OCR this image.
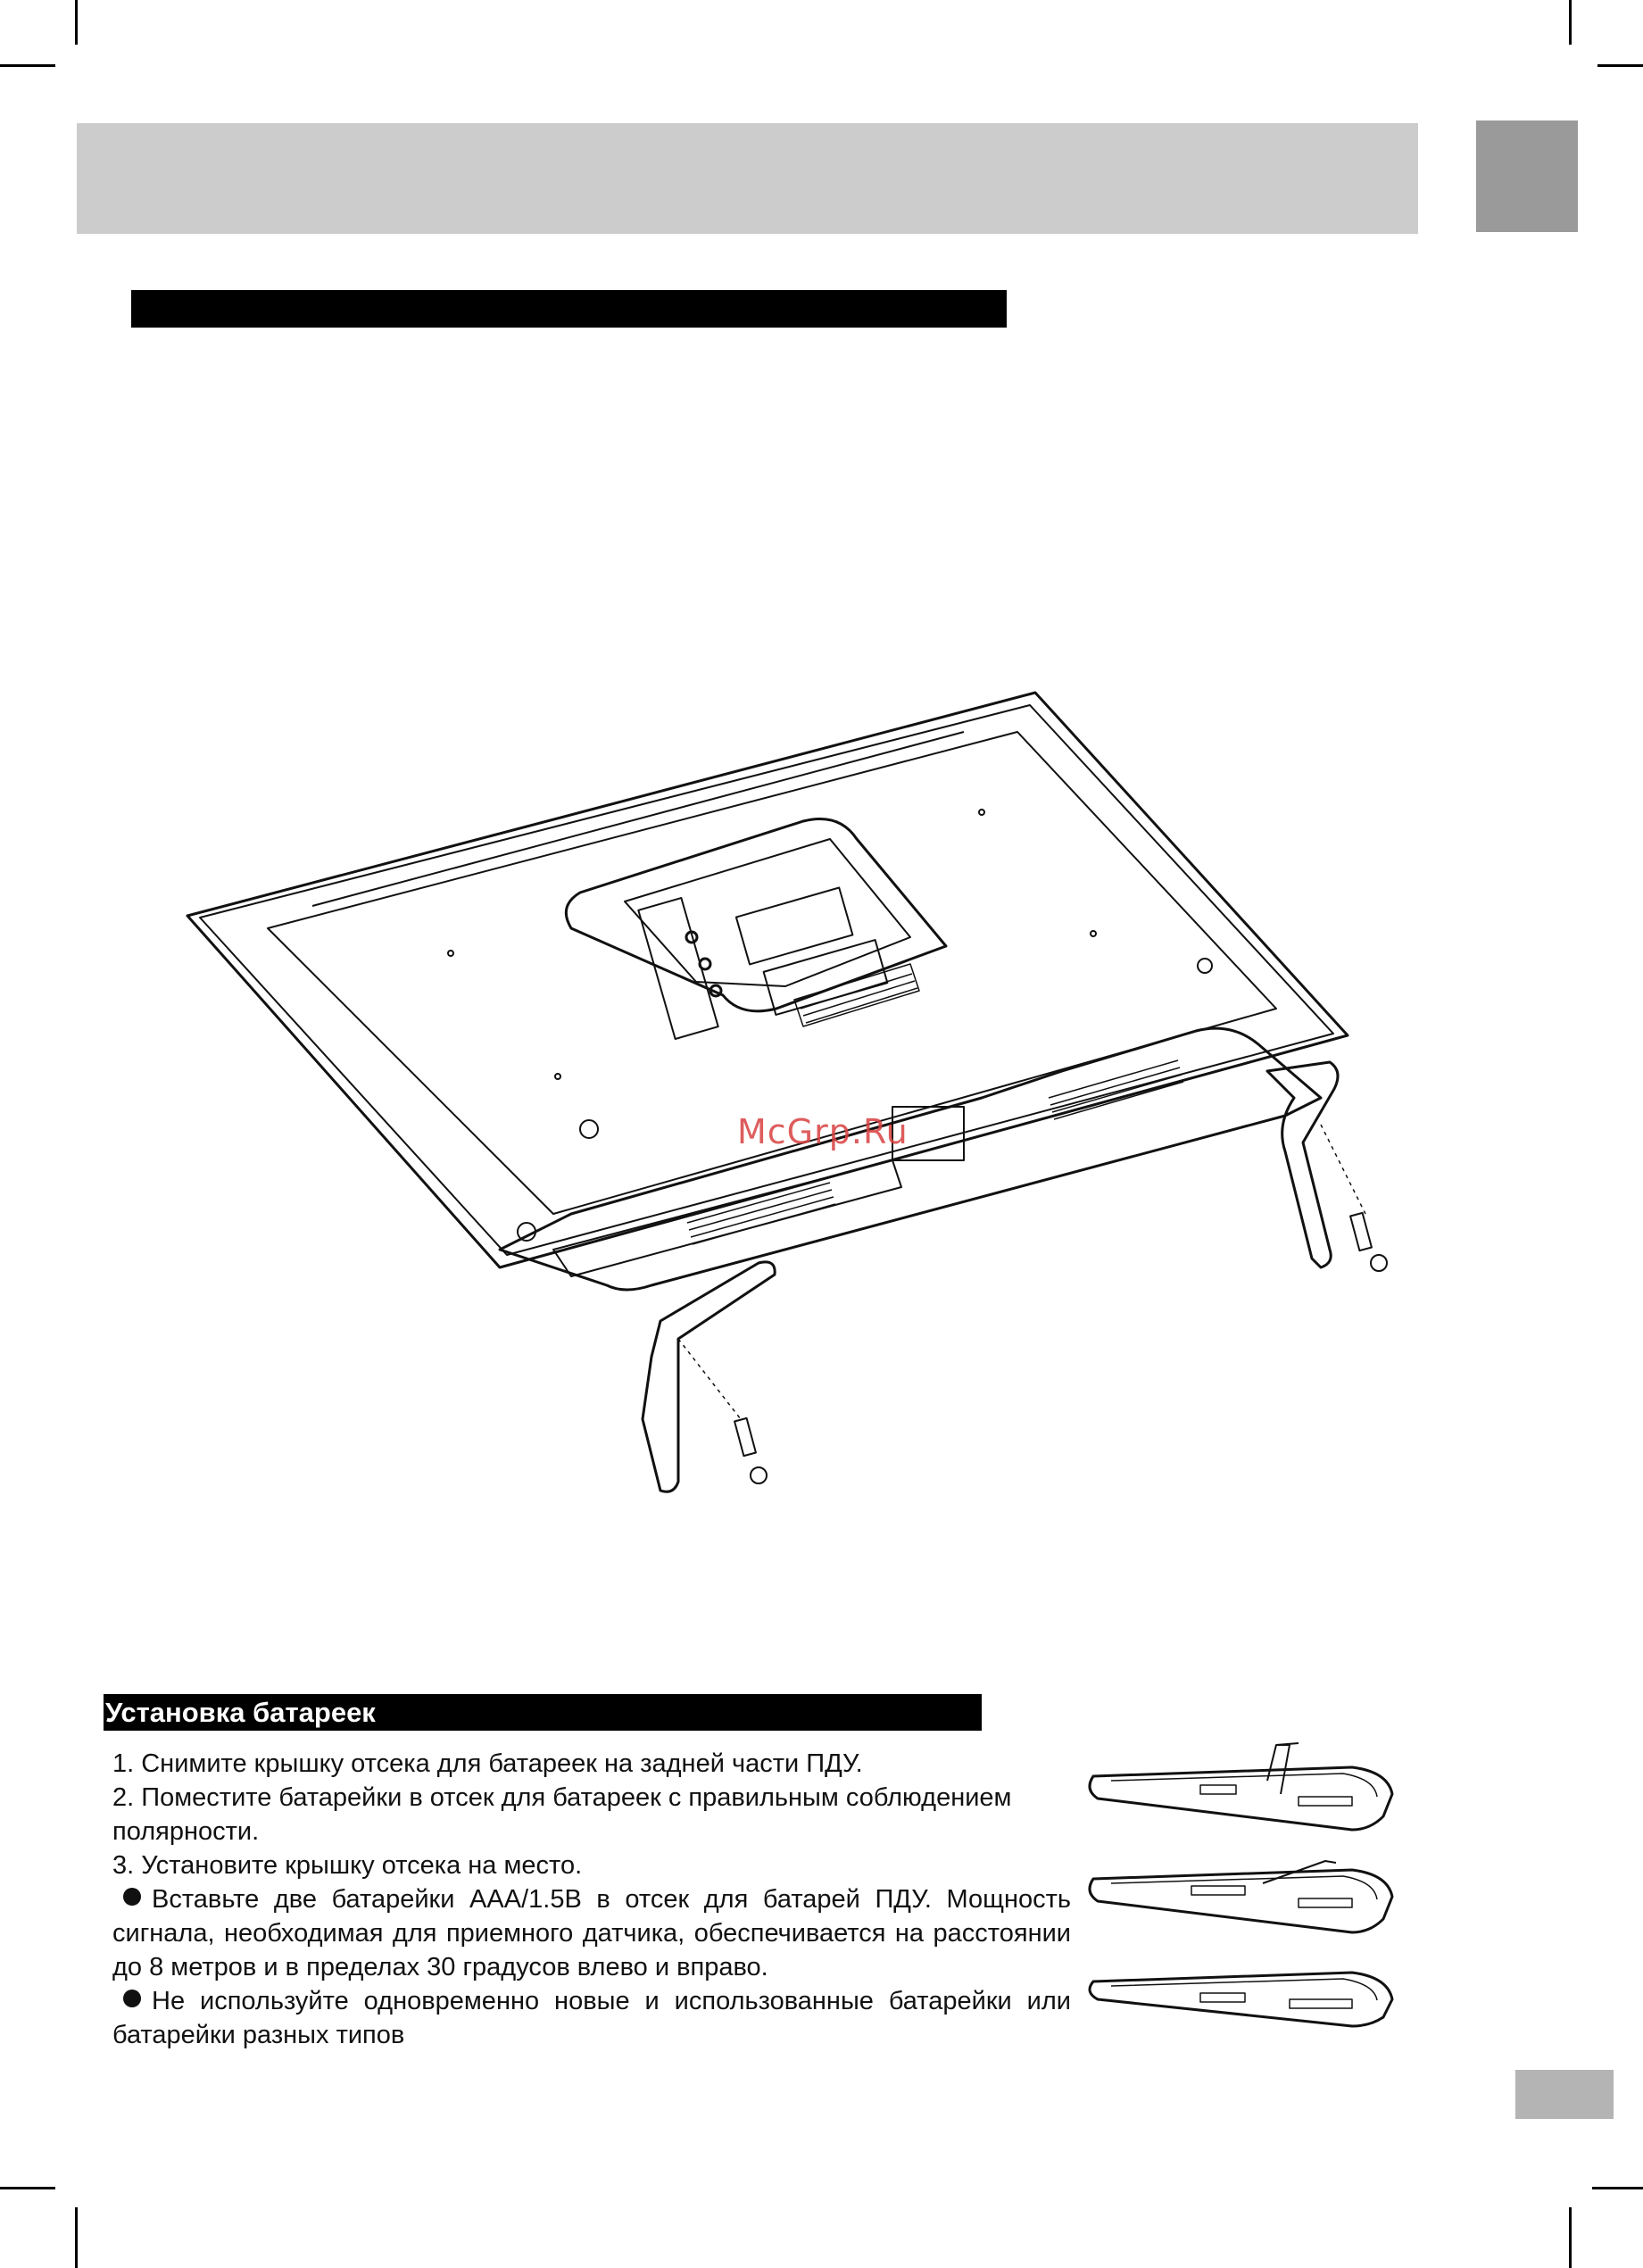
McGrp.Ru
Установка батареек

1. Снимите крышку отсека для батареек на задней части ПДУ.

2. Поместите батарейки в отсек для батареек с правильным соблюдением полярности.

3. Установите крышку отсека на место.

Вставьте две батарейки ААА/1.5В в отсек для батарей ПДУ. Мощность сигнала, необходимая для приемного датчика, обеспечивается на расстоянии до 8 метров и в пределах 30 градусов влево и вправо.

Не используйте одновременно новые и использованные батарейки или батарейки разных типов
